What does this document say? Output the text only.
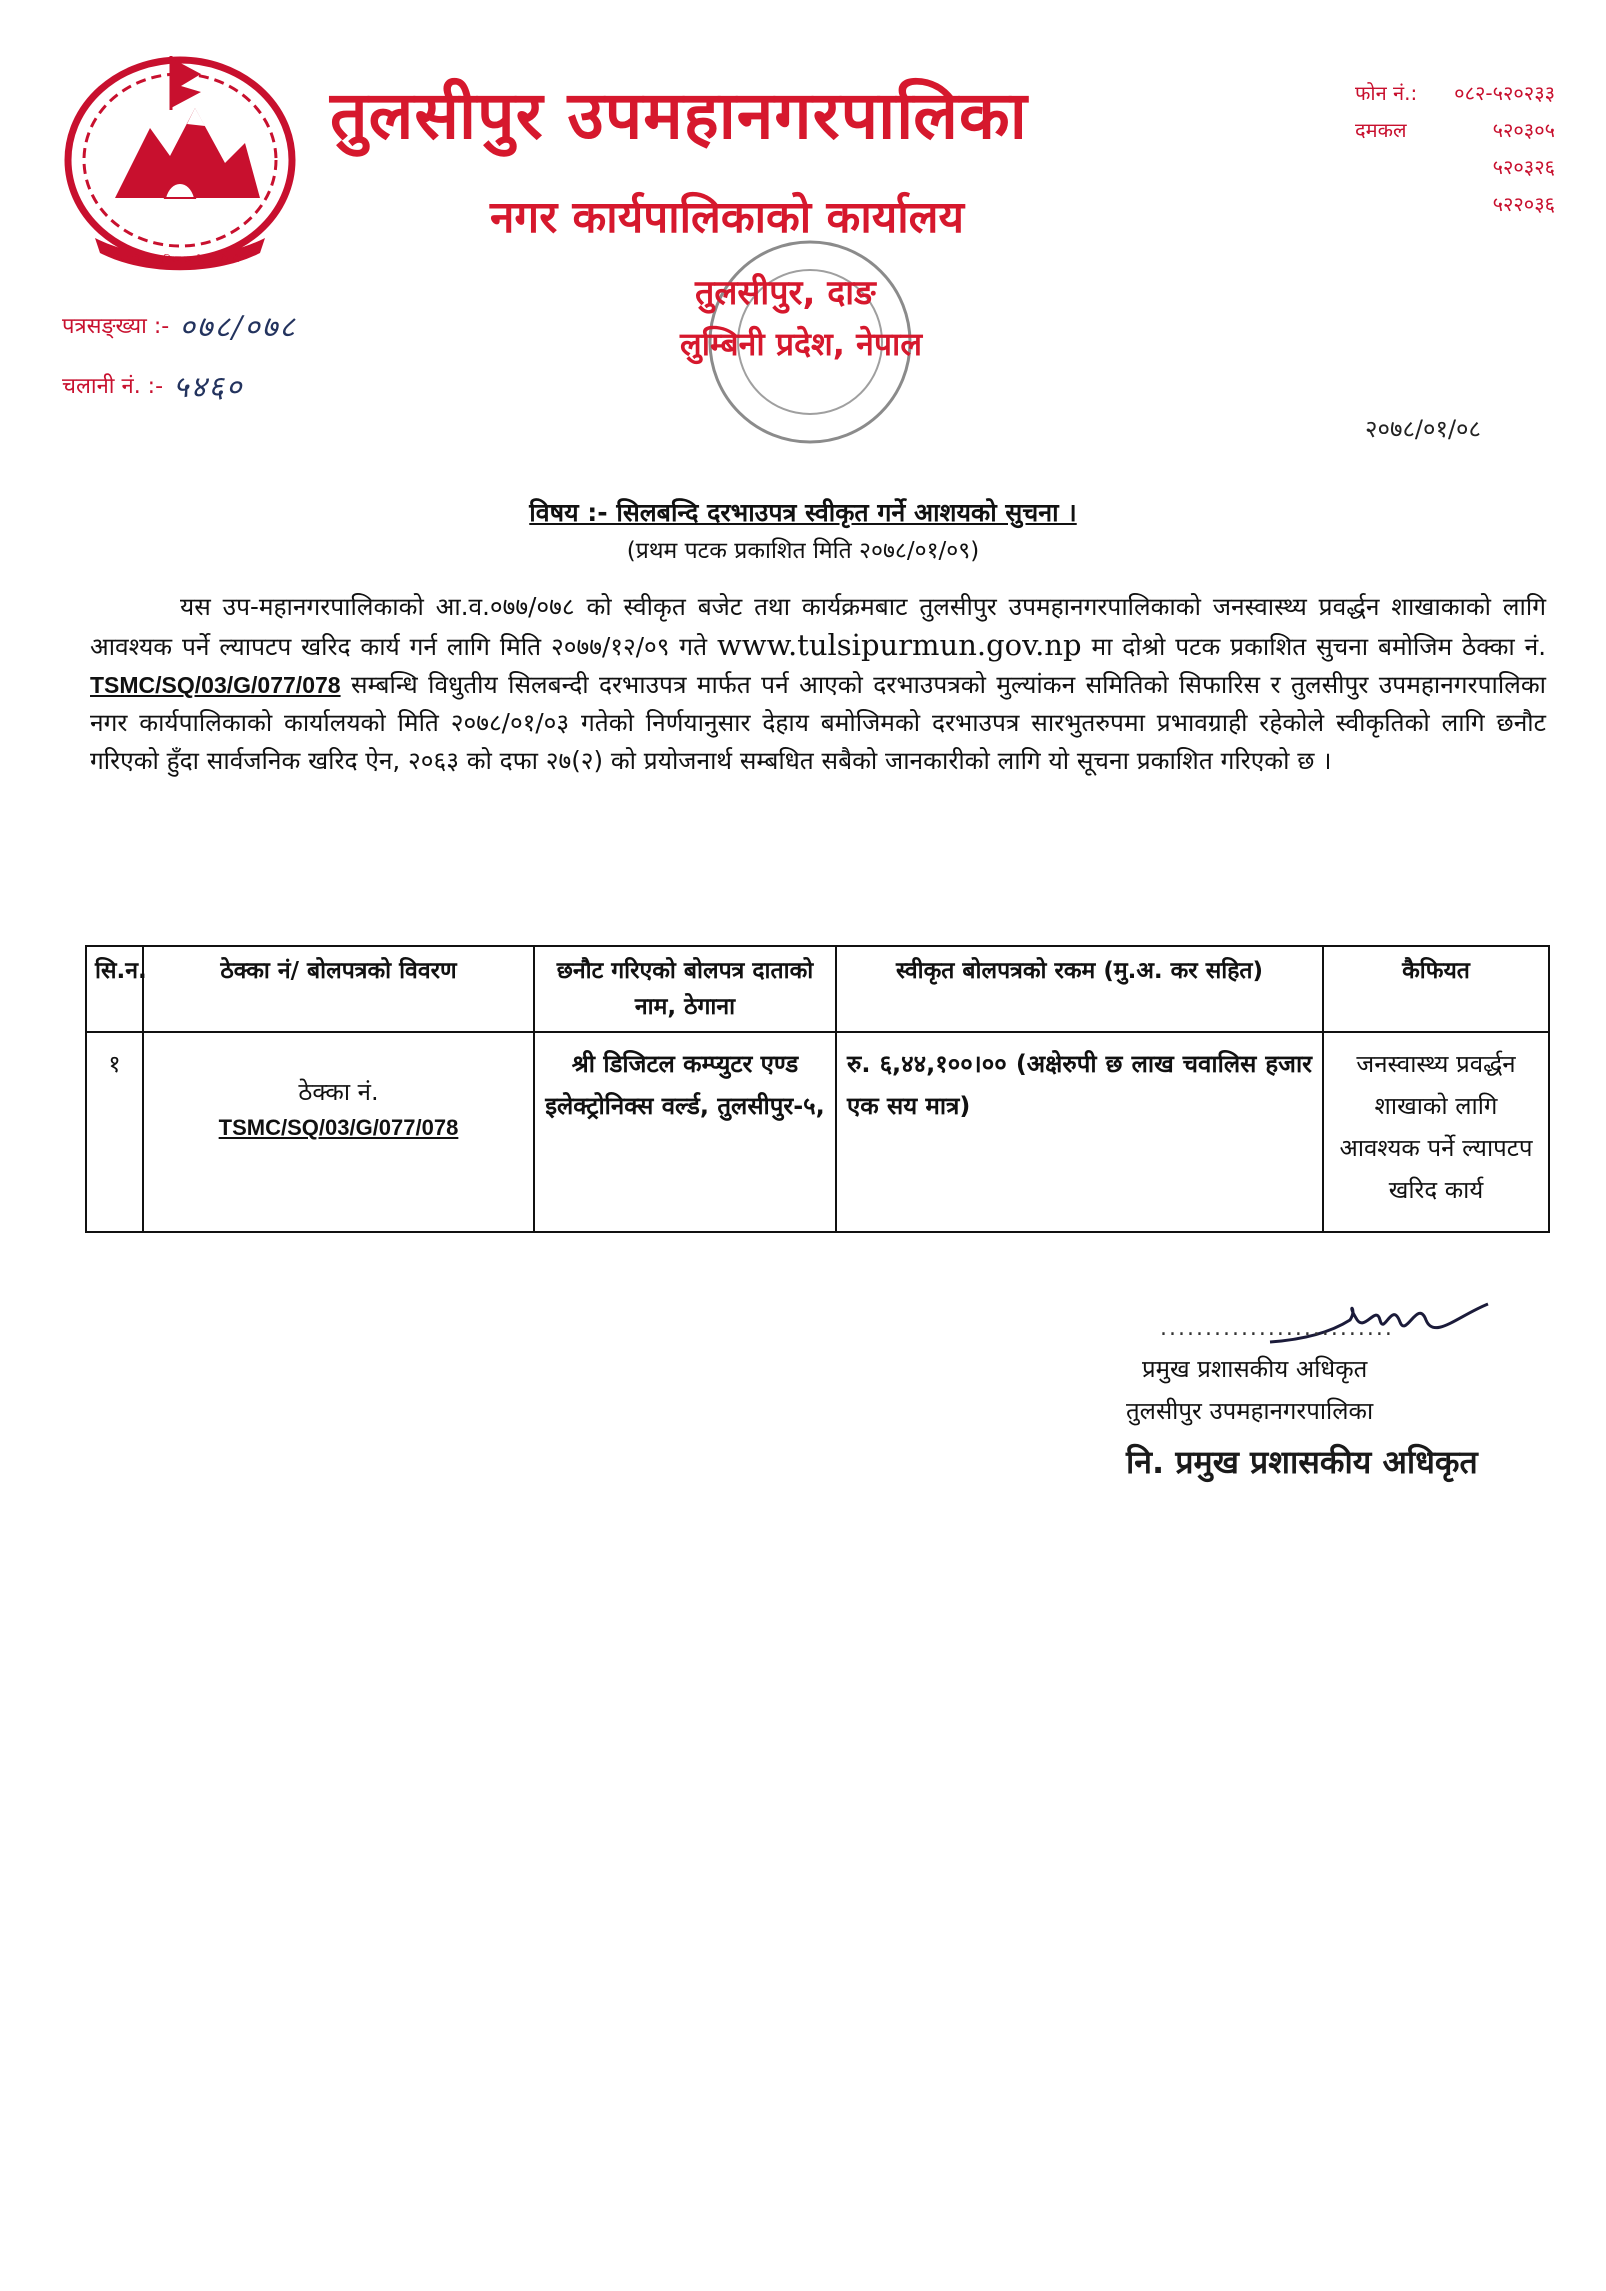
जननी जन्मभूमिश्च स्वर्गादपि गरीयसी
तुलसीपुर उपमहानगरपालिका
नगर कार्यपालिकाको कार्यालय
तुलसीपुर, दाङ
लुम्बिनी प्रदेश, नेपाल
फोन नं.:	०८२-५२०२३३
दमकल	५२०३०५
५२०३२६
५२२०३६
पत्रसङ्ख्या :- ०७८/०७८
चलानी नं. :- ५४६०
२०७८/०१/०८
विषय :- सिलबन्दि दरभाउपत्र स्वीकृत गर्ने आशयको सुचना ।
(प्रथम पटक प्रकाशित मिति २०७८/०१/०९)
यस उप-महानगरपालिकाको आ.व.०७७/०७८ को स्वीकृत बजेट तथा कार्यक्रमबाट तुलसीपुर उपमहानगरपालिकाको जनस्वास्थ्य प्रवर्द्धन शाखाकाको लागि आवश्यक पर्ने ल्यापटप खरिद कार्य गर्न लागि मिति २०७७/१२/०९ गते www.tulsipurmun.gov.np मा दोश्रो पटक प्रकाशित सुचना बमोजिम ठेक्का नं. TSMC/SQ/03/G/077/078 सम्बन्धि विधुतीय सिलबन्दी दरभाउपत्र मार्फत पर्न आएको दरभाउपत्रको मुल्यांकन समितिको सिफारिस र तुलसीपुर उपमहानगरपालिका नगर कार्यपालिकाको कार्यालयको मिति २०७८/०१/०३ गतेको निर्णयानुसार देहाय बमोजिमको दरभाउपत्र सारभुतरुपमा प्रभावग्राही रहेकोले स्वीकृतिको लागि छनौट गरिएको हुँदा सार्वजनिक खरिद ऐन, २०६३ को दफा २७(२) को प्रयोजनार्थ सम्बधित सबैको जानकारीको लागि यो सूचना प्रकाशित गरिएको छ ।
सि.न.	ठेक्का नं/ बोलपत्रको विवरण	छनौट गरिएको बोलपत्र दाताको नाम, ठेगाना	स्वीकृत बोलपत्रको रकम (मु.अ. कर सहित)	कैफियत
१	ठेक्का नं.
TSMC/SQ/03/G/077/078	श्री डिजिटल कम्प्युटर एण्ड इलेक्ट्रोनिक्स वर्ल्ड, तुलसीपुर-५,	रु. ६,४४,१००।०० (अक्षेरुपी छ लाख चवालिस हजार एक सय मात्र)	जनस्वास्थ्य प्रवर्द्धन शाखाको लागि आवश्यक पर्ने ल्यापटप खरिद कार्य
..........................
प्रमुख प्रशासकीय अधिकृत
तुलसीपुर उपमहानगरपालिका
नि. प्रमुख प्रशासकीय अधिकृत
